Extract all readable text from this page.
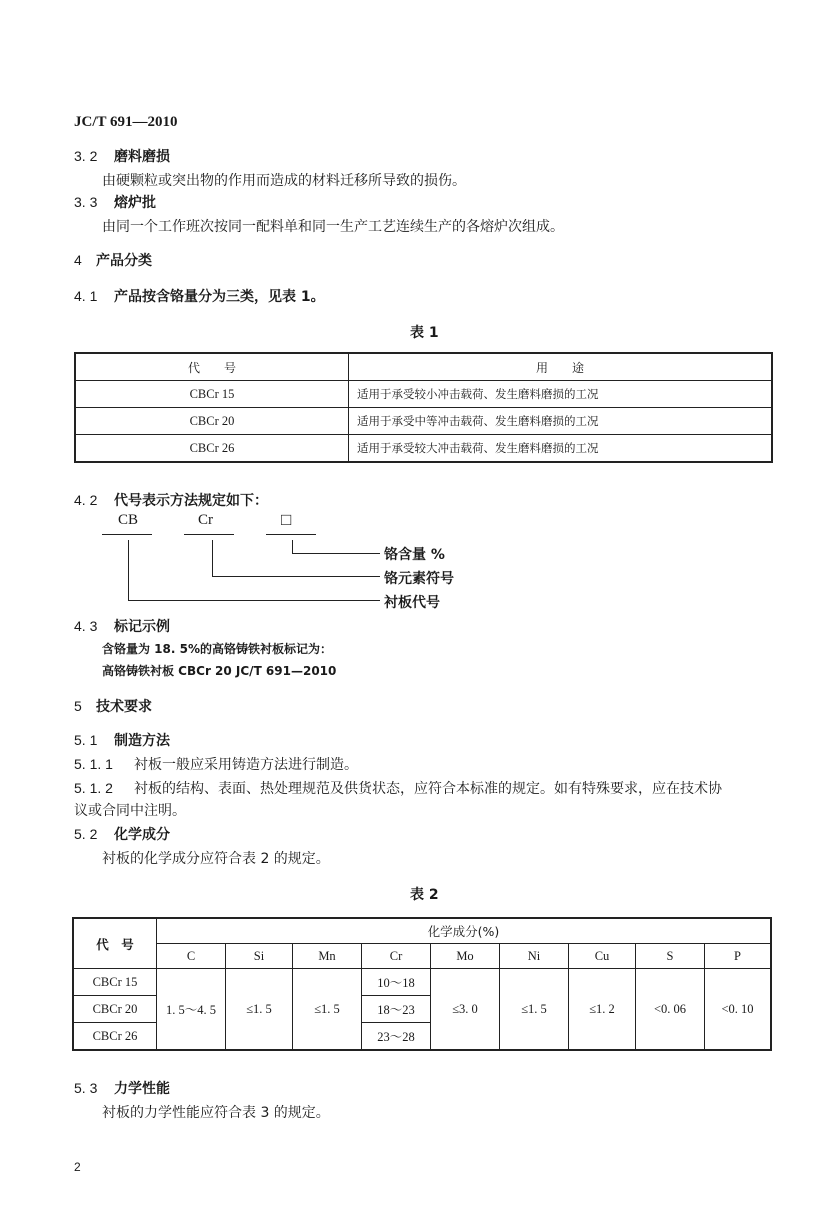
JC/T 691—2010
3. 2 磨料磨损
由硬颗粒或突出物的作用而造成的材料迁移所导致的损伤。
3. 3 熔炉批
由同一个工作班次按同一配料单和同一生产工艺连续生产的各熔炉次组成。
4 产品分类
4. 1 产品按含铬量分为三类，见表 1。
表 1
代　　号	用　　途
CBCr 15	适用于承受较小冲击载荷、发生磨料磨损的工况
CBCr 20	适用于承受中等冲击载荷、发生磨料磨损的工况
CBCr 26	适用于承受较大冲击载荷、发生磨料磨损的工况
4. 2 代号表示方法规定如下：
CB	Cr	□
铬含量 %
铬元素符号
衬板代号
4. 3 标记示例
含铬量为 18. 5%的高铬铸铁衬板标记为：
高铬铸铁衬板 CBCr 20 JC/T 691—2010
5 技术要求
5. 1 制造方法
5. 1. 1 衬板一般应采用铸造方法进行制造。
5. 1. 2 衬板的结构、表面、热处理规范及供货状态，应符合本标准的规定。如有特殊要求，应在技术协
议或合同中注明。
5. 2 化学成分
衬板的化学成分应符合表 2 的规定。
表 2
代　号	化学成分(%)								
	C	Si	Mn	Cr	Mo	Ni	Cu	S	P
CBCr 15	1. 5～4. 5	≤1. 5	≤1. 5	10～18	≤3. 0	≤1. 5	≤1. 2	<0. 06	<0. 10
CBCr 20				18～23					
CBCr 26				23～28					
5. 3 力学性能
衬板的力学性能应符合表 3 的规定。
2
